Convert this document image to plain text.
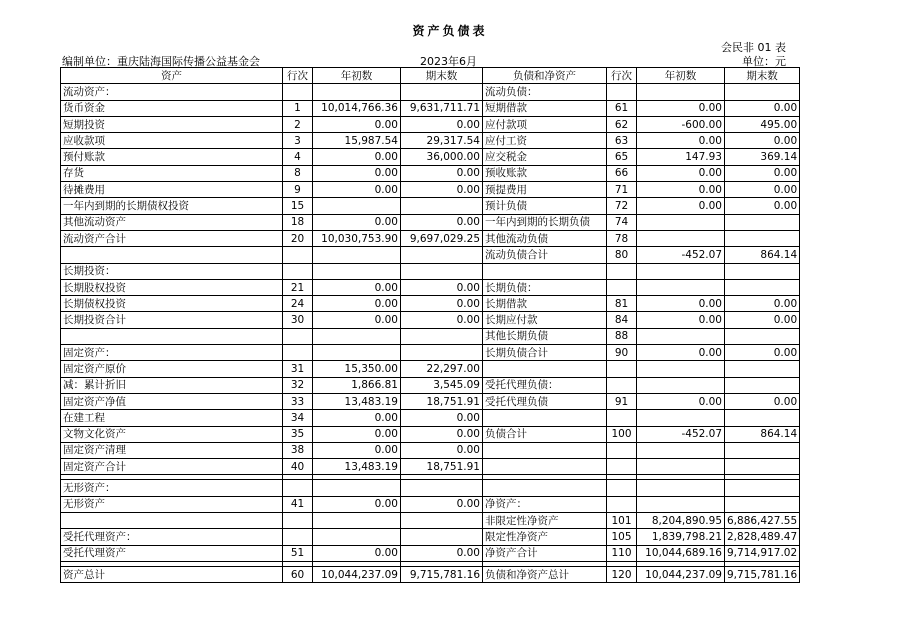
资产负债表
会民非 01 表
编制单位：重庆陆海国际传播公益基金会	2023年6月	单位：元
资产	行次	年初数	期末数	负债和净资产	行次	年初数	期末数
流动资产：				流动负债：			
货币资金	1	10,014,766.36	9,631,711.71	短期借款	61	0.00	0.00
短期投资	2	0.00	0.00	应付款项	62	-600.00	495.00
应收款项	3	15,987.54	29,317.54	应付工资	63	0.00	0.00
预付账款	4	0.00	36,000.00	应交税金	65	147.93	369.14
存货	8	0.00	0.00	预收账款	66	0.00	0.00
待摊费用	9	0.00	0.00	预提费用	71	0.00	0.00
一年内到期的长期债权投资	15			预计负债	72	0.00	0.00
其他流动资产	18	0.00	0.00	一年内到期的长期负债	74		
流动资产合计	20	10,030,753.90	9,697,029.25	其他流动负债	78		
				流动负债合计	80	-452.07	864.14
长期投资：							
长期股权投资	21	0.00	0.00	长期负债：			
长期债权投资	24	0.00	0.00	长期借款	81	0.00	0.00
长期投资合计	30	0.00	0.00	长期应付款	84	0.00	0.00
				其他长期负债	88		
固定资产：				长期负债合计	90	0.00	0.00
固定资产原价	31	15,350.00	22,297.00				
减：累计折旧	32	1,866.81	3,545.09	受托代理负债：			
固定资产净值	33	13,483.19	18,751.91	受托代理负债	91	0.00	0.00
在建工程	34	0.00	0.00				
文物文化资产	35	0.00	0.00	负债合计	100	-452.07	864.14
固定资产清理	38	0.00	0.00				
固定资产合计	40	13,483.19	18,751.91				

无形资产：							
无形资产	41	0.00	0.00	净资产：			
				非限定性净资产	101	8,204,890.95	6,886,427.55
受托代理资产：				限定性净资产	105	1,839,798.21	2,828,489.47
受托代理资产	51	0.00	0.00	净资产合计	110	10,044,689.16	9,714,917.02

资产总计	60	10,044,237.09	9,715,781.16	负债和净资产总计	120	10,044,237.09	9,715,781.16
